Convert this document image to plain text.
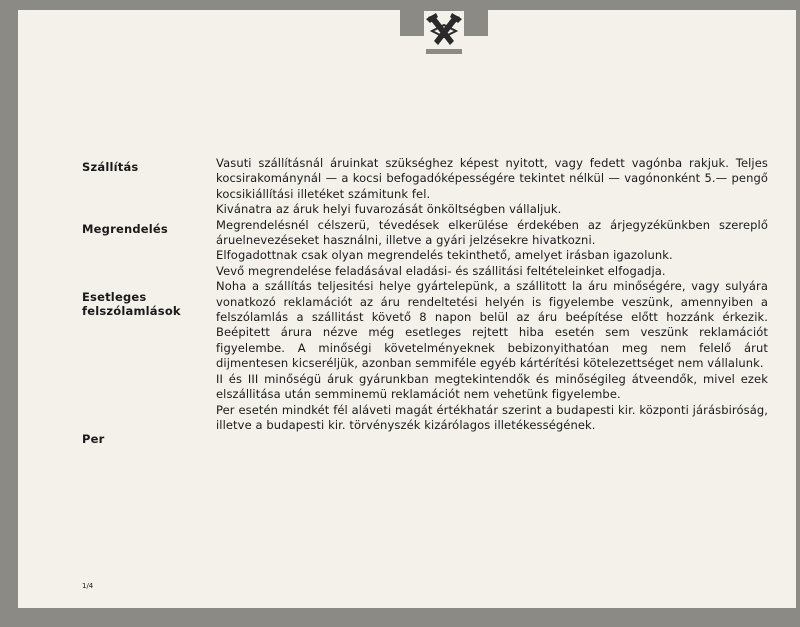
Szállítás
Megrendelés
Esetleges
felszólamlások
Per

Vasuti szállításnál áruinkat szükséghez képest nyitott, vagy fedett vagónba rakjuk. Teljes kocsirakománynál — a kocsi befogadóképességére tekintet nélkül — vagónonként 5.— pengő kocsikiállítási illetéket számitunk fel.

Kivánatra az áruk helyi fuvarozását önköltségben vállaljuk.

Megrendelésnél célszerü, tévedések elkerülése érdekében az árjegyzékünkben szereplő áruelnevezéseket használni, illetve a gyári jelzésekre hivatkozni.

Elfogadottnak csak olyan megrendelés tekinthető, amelyet irásban igazolunk.

Vevő megrendelése feladásával eladási- és szállitási feltételeinket elfogadja.

Noha a szállítás teljesitési helye gyártelepünk, a szállitott la áru minőségére, vagy sulyára vonatkozó reklamációt az áru rendeltetési helyén is figyelembe veszünk, amennyiben a felszólamlás a szállitást követő 8 napon belül az áru beépítése előtt hozzánk érkezik. Beépitett árura nézve még esetleges rejtett hiba esetén sem veszünk reklamációt figyelembe. A minőségi követelményeknek bebizonyithatóan meg nem felelő árut dijmentesen kicseréljük, azonban semmiféle egyéb kártérítési kötelezettséget nem vállalunk.

II és III minőségü áruk gyárunkban megtekintendők és minőségileg átveendők, mivel ezek elszállitása után semminemü reklamációt nem vehetünk figyelembe.

Per esetén mindkét fél aláveti magát értékhatár szerint a budapesti kir. központi járásbiróság, illetve a budapesti kir. törvényszék kizárólagos illetékességének.

1/4
